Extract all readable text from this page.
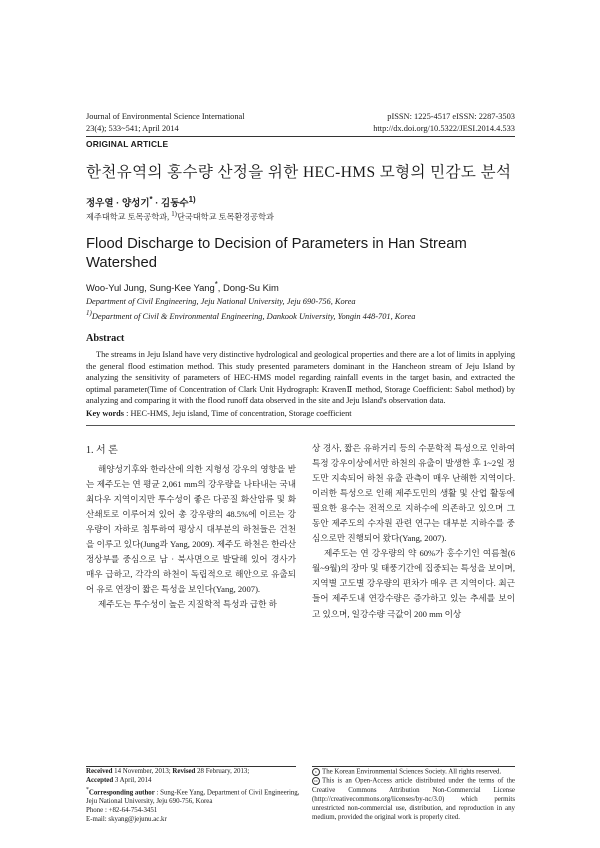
Journal of Environmental Science International
23(4); 533~541; April 2014
pISSN: 1225-4517 eISSN: 2287-3503
http://dx.doi.org/10.5322/JESI.2014.4.533
ORIGINAL ARTICLE
한천유역의 홍수량 산정을 위한 HEC-HMS 모형의 민감도 분석
정우열 · 양성기* · 김동수$^{1)}$
제주대학교 토목공학과, $^{1)}$단국대학교 토목환경공학과
Flood Discharge to Decision of Parameters in Han Stream Watershed
Woo-Yul Jung, Sung-Kee Yang*, Dong-Su Kim
Department of Civil Engineering, Jeju National University, Jeju 690-756, Korea
$^{1)}$Department of Civil & Environmental Engineering, Dankook University, Yongin 448-701, Korea
Abstract
The streams in Jeju Island have very distinctive hydrological and geological properties and there are a lot of limits in applying the general flood estimation method. This study presented parameters dominant in the Hancheon stream of Jeju Island by analyzing the sensitivity of parameters of HEC-HMS model regarding rainfall events in the target basin, and extracted the optimal parameter(Time of Concentration of Clark Unit Hydrograph: KravenⅡ method, Storage Coefficient: Sabol method) by analyzing and comparing it with the flood runoff data observed in the site and Jeju Island's observation data.
Key words : HEC-HMS, Jeju island, Time of concentration, Storage coefficient
1. 서 론

해양성기후와 한라산에 의한 지형성 강우의 영향을 받는 제주도는 연 평균 2,061 mm의 강우량을 나타내는 국내 최다우 지역이지만 투수성이 좋은 다공질 화산암류 및 화산쇄토로 이루어져 있어 총 강우량의 48.5%에 이르는 강우량이 자하로 침투하여 평상시 대부분의 하천들은 건천을 이루고 있다(Jung과 Yang, 2009). 제주도 하천은 한라산 정상부를 중심으로 남 · 북사면으로 발달해 있어 경사가 매우 급하고, 각각의 하천이 독립적으로 해안으로 유출되어 유로 연장이 짧은 특성을 보인다(Yang, 2007).

제주도는 투수성이 높은 지질학적 특성과 급한 하

상 경사, 짧은 유하거리 등의 수문학적 특성으로 인하여 특정 강우이상에서만 하천의 유출이 발생한 후 1~2일 정도만 지속되어 하천 유출 관측이 매우 난해한 지역이다. 이러한 특성으로 인해 제주도민의 생활 및 산업 활동에 필요한 용수는 전적으로 지하수에 의존하고 있으며 그동안 제주도의 수자원 관련 연구는 대부분 지하수를 중심으로만 진행되어 왔다(Yang, 2007).

제주도는 연 강우량의 약 60%가 홍수기인 여름철(6월~9월)의 장마 및 태풍기간에 집중되는 특성을 보이며, 지역별 고도별 강우량의 편차가 매우 큰 지역이다. 최근 들어 제주도내 연강수량은 증가하고 있는 추세를 보이고 있으며, 일강수량 극값이 200 mm 이상

Received 14 November, 2013; Revised 28 February, 2013;

Accepted 3 April, 2014

*Corresponding author : Sung-Kee Yang, Department of Civil Engineering, Jeju National University, Jeju 690-756, Korea

Phone : +82-64-754-3451

E-mail: skyang@jejunu.ac.kr

c The Korean Environmental Sciences Society. All rights reserved.

cc This is an Open-Access article distributed under the terms of the Creative Commons Attribution Non-Commercial License (http://creativecommons.org/licenses/by-nc/3.0) which permits unrestricted non-commercial use, distribution, and reproduction in any medium, provided the original work is properly cited.
